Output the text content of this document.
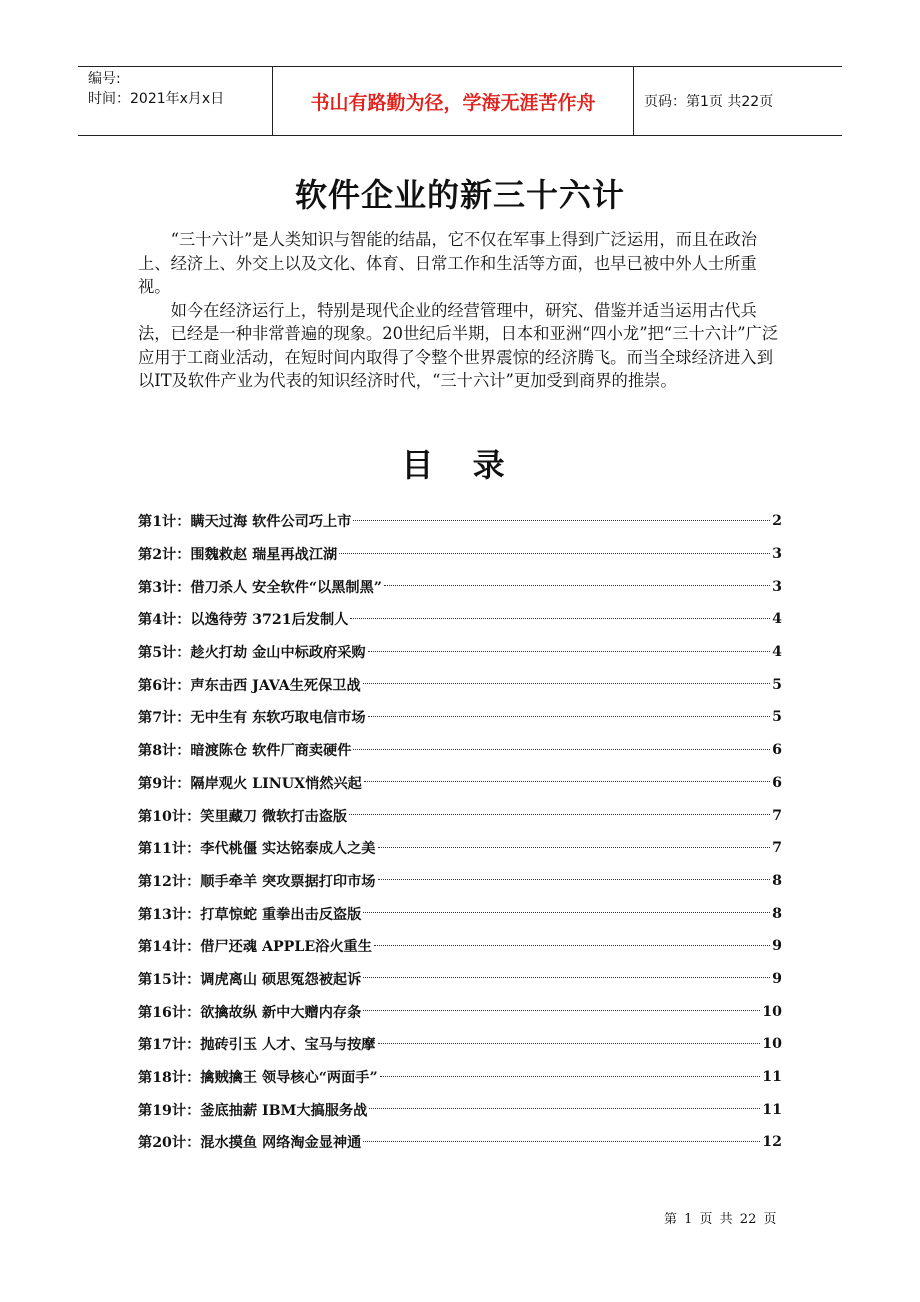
编号:
时间：2021年x月x日	书山有路勤为径，学海无涯苦作舟	页码：第1页 共22页
软件企业的新三十六计

“三十六计”是人类知识与智能的结晶，它不仅在军事上得到广泛运用，而且在政治上、经济上、外交上以及文化、体育、日常工作和生活等方面，也早已被中外人士所重视。

如今在经济运行上，特别是现代企业的经营管理中，研究、借鉴并适当运用古代兵法，已经是一种非常普遍的现象。20世纪后半期，日本和亚洲“四小龙”把“三十六计”广泛应用于工商业活动，在短时间内取得了令整个世界震惊的经济腾飞。而当全球经济进入到以IT及软件产业为代表的知识经济时代，“三十六计”更加受到商界的推崇。

目 录
第1计：瞒天过海 软件公司巧上市	2
第2计：围魏救赵 瑞星再战江湖	3
第3计：借刀杀人 安全软件“以黑制黑”	3
第4计：以逸待劳 3721后发制人	4
第5计：趁火打劫 金山中标政府采购	4
第6计：声东击西 JAVA生死保卫战	5
第7计：无中生有 东软巧取电信市场	5
第8计：暗渡陈仓 软件厂商卖硬件	6
第9计：隔岸观火 LINUX悄然兴起	6
第10计：笑里藏刀 微软打击盗版	7
第11计：李代桃僵 实达铭泰成人之美	7
第12计：顺手牵羊 突攻票据打印市场	8
第13计：打草惊蛇 重拳出击反盗版	8
第14计：借尸还魂 APPLE浴火重生	9
第15计：调虎离山 硕思冤怨被起诉	9
第16计：欲擒故纵 新中大赠内存条	10
第17计：抛砖引玉 人才、宝马与按摩	10
第18计：擒贼擒王 领导核心“两面手”	11
第19计：釜底抽薪 IBM大搞服务战	11
第20计：混水摸鱼 网络淘金显神通	12
第 1 页 共 22 页
